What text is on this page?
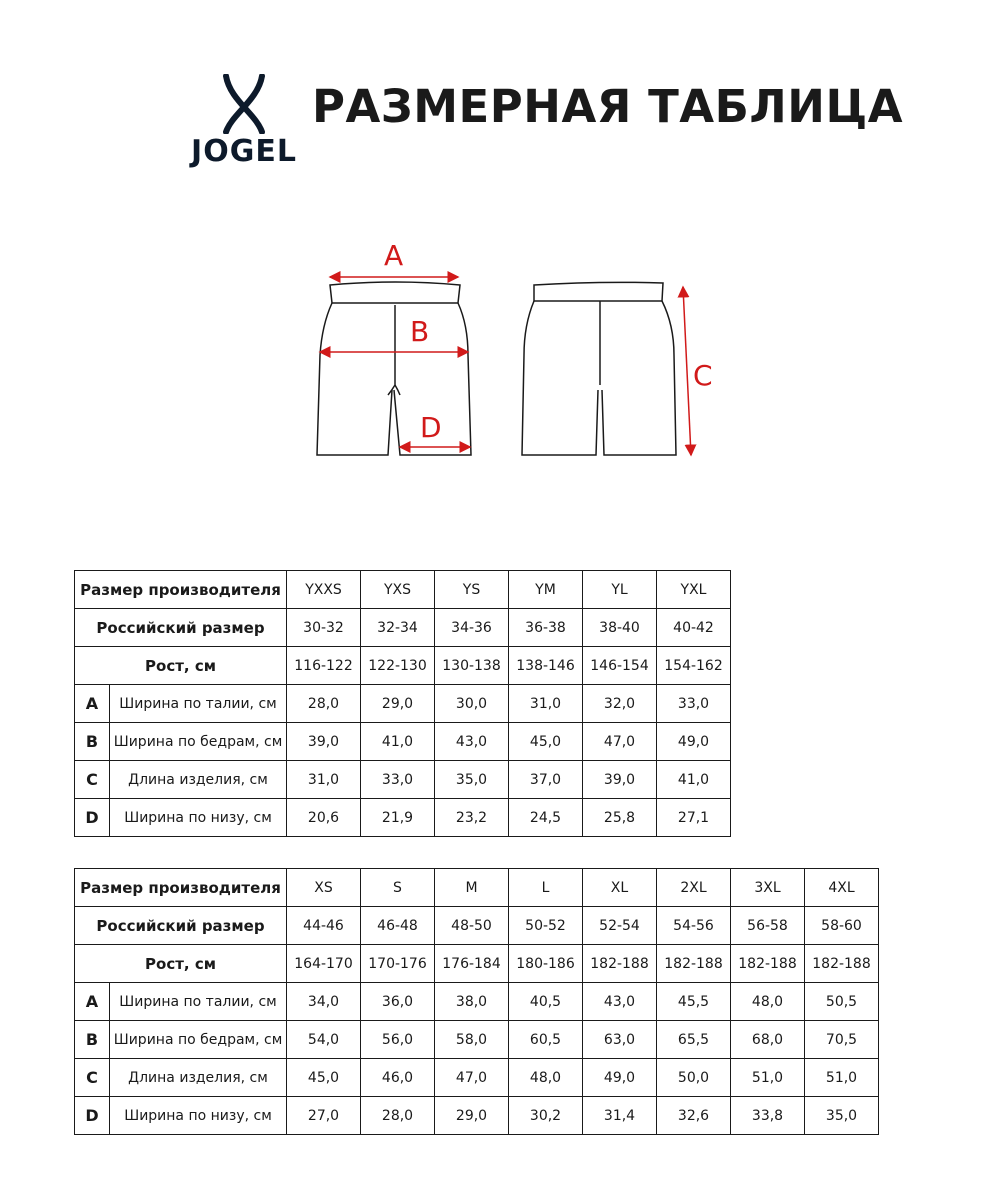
JOGEL
РАЗМЕРНАЯ ТАБЛИЦА
A
B
C
D
Размер производителя		YXXS	YXS	YS	YM	YL	YXL
Российский размер		30-32	32-34	34-36	36-38	38-40	40-42
Рост, см		116-122	122-130	130-138	138-146	146-154	154-162
A	Ширина по талии, см	28,0	29,0	30,0	31,0	32,0	33,0
B	Ширина по бедрам, см	39,0	41,0	43,0	45,0	47,0	49,0
C	Длина изделия, см	31,0	33,0	35,0	37,0	39,0	41,0
D	Ширина по низу, см	20,6	21,9	23,2	24,5	25,8	27,1
Размер производителя		XS	S	M	L	XL	2XL	3XL	4XL
Российский размер		44-46	46-48	48-50	50-52	52-54	54-56	56-58	58-60
Рост, см		164-170	170-176	176-184	180-186	182-188	182-188	182-188	182-188
A	Ширина по талии, см	34,0	36,0	38,0	40,5	43,0	45,5	48,0	50,5
B	Ширина по бедрам, см	54,0	56,0	58,0	60,5	63,0	65,5	68,0	70,5
C	Длина изделия, см	45,0	46,0	47,0	48,0	49,0	50,0	51,0	51,0
D	Ширина по низу, см	27,0	28,0	29,0	30,2	31,4	32,6	33,8	35,0
